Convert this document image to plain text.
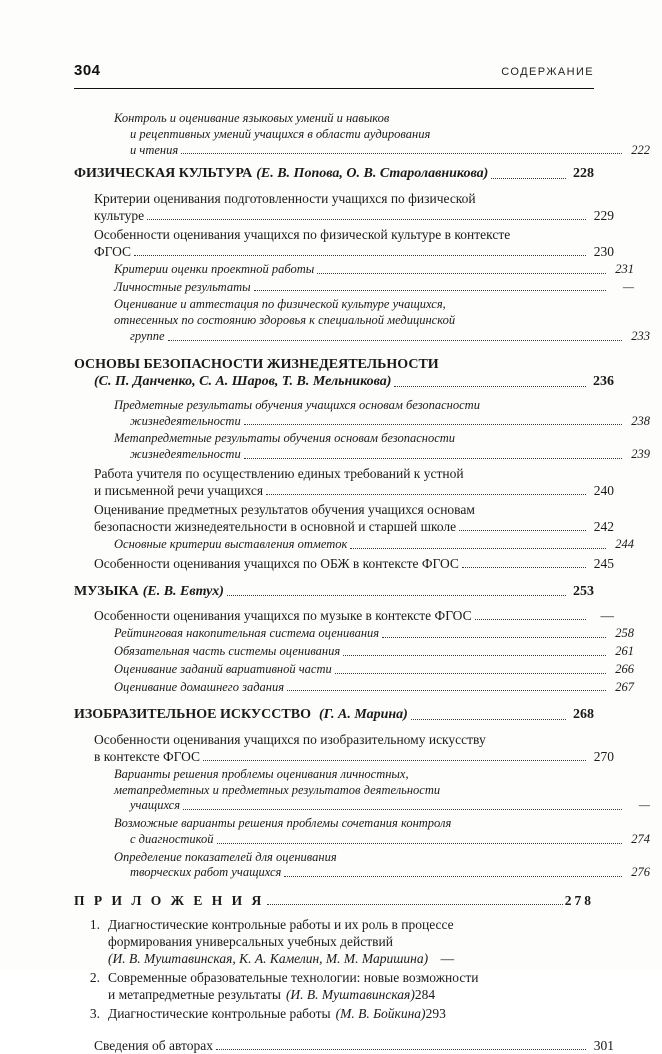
304	СОДЕРЖАНИЕ
Контроль и оценивание языковых умений и навыков
и рецептивных умений учащихся в области аудирования
и чтения	222
ФИЗИЧЕСКАЯ КУЛЬТУРА (Е. В. Попова, О. В. Старолавникова)	228
Критерии оценивания подготовленности учащихся по физической
культуре	229
Особенности оценивания учащихся по физической культуре в контексте
ФГОС	230
Критерии оценки проектной работы	231
Личностные результаты	—
Оценивание и аттестация по физической культуре учащихся,
отнесенных по состоянию здоровья к специальной медицинской
группе	233
ОСНОВЫ БЕЗОПАСНОСТИ ЖИЗНЕДЕЯТЕЛЬНОСТИ
(С. П. Данченко, С. А. Шаров, Т. В. Мельникова)	236
Предметные результаты обучения учащихся основам безопасности
жизнедеятельности	238
Метапредметные результаты обучения основам безопасности
жизнедеятельности	239
Работа учителя по осуществлению единых требований к устной
и письменной речи учащихся	240
Оценивание предметных результатов обучения учащихся основам
безопасности жизнедеятельности в основной и старшей школе	242
Основные критерии выставления отметок	244
Особенности оценивания учащихся по ОБЖ в контексте ФГОС	245
МУЗЫКА (Е. В. Евтух)	253
Особенности оценивания учащихся по музыке в контексте ФГОС	—
Рейтинговая накопительная система оценивания	258
Обязательная часть системы оценивания	261
Оценивание заданий вариативной части	266
Оценивание домашнего задания	267
ИЗОБРАЗИТЕЛЬНОЕ ИСКУССТВО (Г. А. Марина)	268
Особенности оценивания учащихся по изобразительному искусству
в контексте ФГОС	270
Варианты решения проблемы оценивания личностных,
метапредметных и предметных результатов деятельности
учащихся	—
Возможные варианты решения проблемы сочетания контроля
с диагностикой	274
Определение показателей для оценивания
творческих работ учащихся	276
П Р И Л О Ж Е Н И Я	278
1. Диагностические контрольные работы и их роль в процессе
формирования универсальных учебных действий
(И. В. Муштавинская, К. А. Камелин, М. М. Маришина) —
2. Современные образовательные технологии: новые возможности
и метапредметные результаты (И. В. Муштавинская) 284
3. Диагностические контрольные работы (М. В. Бойкина) 293
Сведения об авторах	301
